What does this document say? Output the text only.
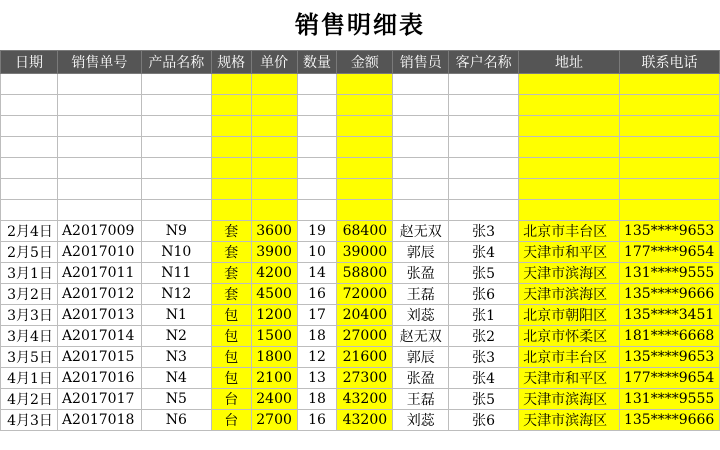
销售明细表
日期	销售单号	产品名称	规格	单价	数量	金额	销售员	客户名称	地址	联系电话

2月4日	A2017009	N9	套	3600	19	68400	赵无双	张3	北京市丰台区	135****9653
2月5日	A2017010	N10	套	3900	10	39000	郭辰	张4	天津市和平区	177****9654
3月1日	A2017011	N11	套	4200	14	58800	张盈	张5	天津市滨海区	131****9555
3月2日	A2017012	N12	套	4500	16	72000	王磊	张6	天津市滨海区	135****9666
3月3日	A2017013	N1	包	1200	17	20400	刘蕊	张1	北京市朝阳区	135****3451
3月4日	A2017014	N2	包	1500	18	27000	赵无双	张2	北京市怀柔区	181****6668
3月5日	A2017015	N3	包	1800	12	21600	郭辰	张3	北京市丰台区	135****9653
4月1日	A2017016	N4	包	2100	13	27300	张盈	张4	天津市和平区	177****9654
4月2日	A2017017	N5	台	2400	18	43200	王磊	张5	天津市滨海区	131****9555
4月3日	A2017018	N6	台	2700	16	43200	刘蕊	张6	天津市滨海区	135****9666
